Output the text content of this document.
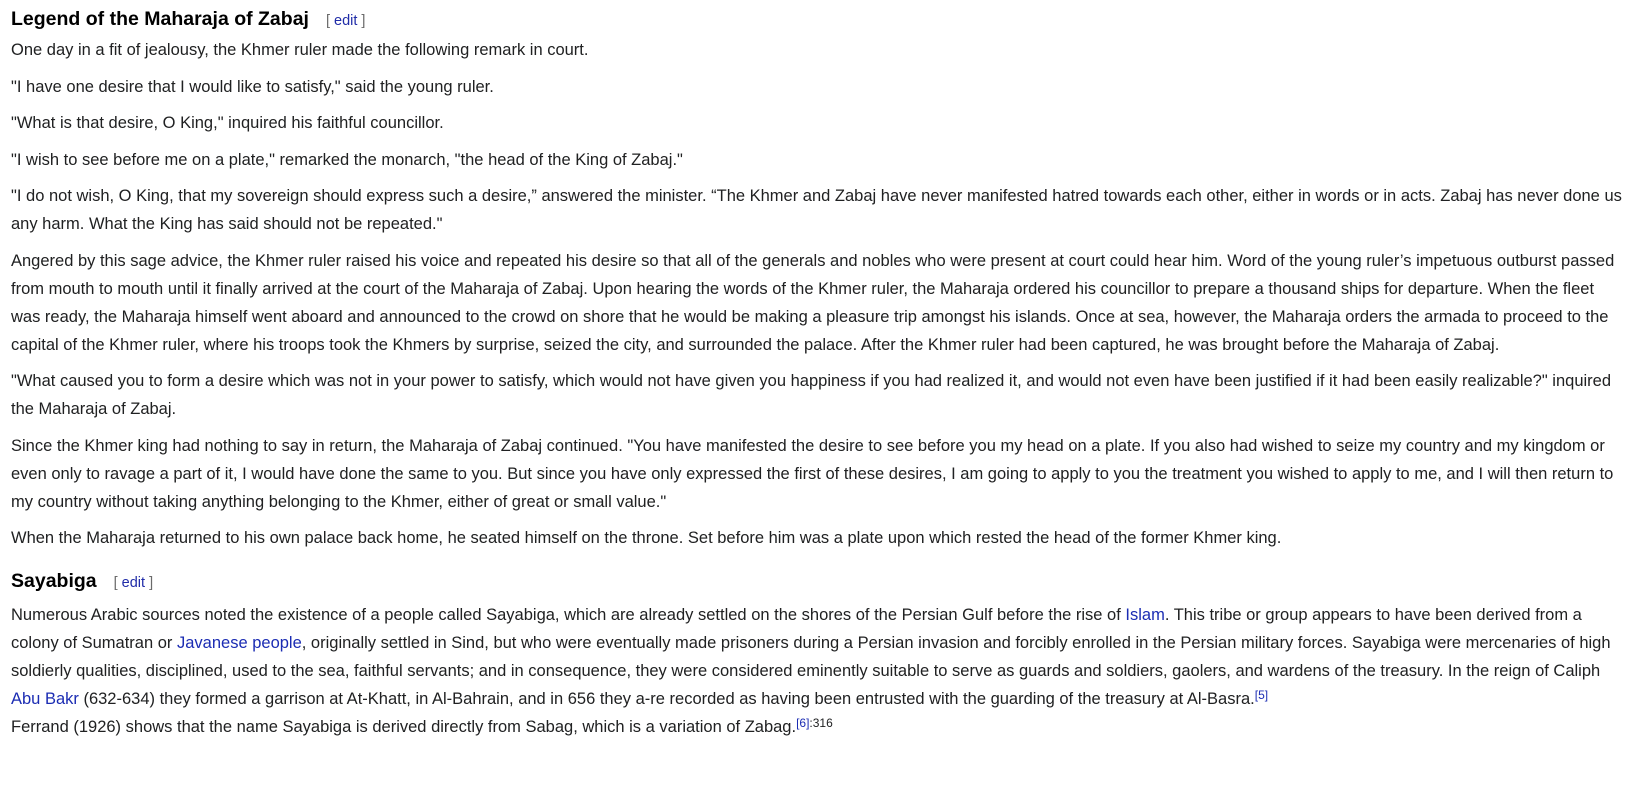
Legend of the Maharaja of Zabaj [ edit ]

One day in a fit of jealousy, the Khmer ruler made the following remark in court.

"I have one desire that I would like to satisfy," said the young ruler.

"What is that desire, O King," inquired his faithful councillor.

"I wish to see before me on a plate," remarked the monarch, "the head of the King of Zabaj."

"I do not wish, O King, that my sovereign should express such a desire,” answered the minister. “The Khmer and Zabaj have never manifested hatred towards each other, either in words or in acts. Zabaj has never done us any harm. What the King has said should not be repeated."

Angered by this sage advice, the Khmer ruler raised his voice and repeated his desire so that all of the generals and nobles who were present at court could hear him. Word of the young ruler’s impetuous outburst passed from mouth to mouth until it finally arrived at the court of the Maharaja of Zabaj. Upon hearing the words of the Khmer ruler, the Maharaja ordered his councillor to prepare a thousand ships for departure. When the fleet was ready, the Maharaja himself went aboard and announced to the crowd on shore that he would be making a pleasure trip amongst his islands. Once at sea, however, the Maharaja orders the armada to proceed to the capital of the Khmer ruler, where his troops took the Khmers by surprise, seized the city, and surrounded the palace. After the Khmer ruler had been captured, he was brought before the Maharaja of Zabaj.

"What caused you to form a desire which was not in your power to satisfy, which would not have given you happiness if you had realized it, and would not even have been justified if it had been easily realizable?" inquired the Maharaja of Zabaj.

Since the Khmer king had nothing to say in return, the Maharaja of Zabaj continued. "You have manifested the desire to see before you my head on a plate. If you also had wished to seize my country and my kingdom or even only to ravage a part of it, I would have done the same to you. But since you have only expressed the first of these desires, I am going to apply to you the treatment you wished to apply to me, and I will then return to my country without taking anything belonging to the Khmer, either of great or small value."

When the Maharaja returned to his own palace back home, he seated himself on the throne. Set before him was a plate upon which rested the head of the former Khmer king.

Sayabiga [ edit ]

Numerous Arabic sources noted the existence of a people called Sayabiga, which are already settled on the shores of the Persian Gulf before the rise of Islam. This tribe or group appears to have been derived from a colony of Sumatran or Javanese people, originally settled in Sind, but who were eventually made prisoners during a Persian invasion and forcibly enrolled in the Persian military forces. Sayabiga were mercenaries of high soldierly qualities, disciplined, used to the sea, faithful servants; and in consequence, they were considered eminently suitable to serve as guards and soldiers, gaolers, and wardens of the treasury. In the reign of Caliph Abu Bakr (632-634) they formed a garrison at At-Khatt, in Al-Bahrain, and in 656 they a-re recorded as having been entrusted with the guarding of the treasury at Al-Basra.[5]
Ferrand (1926) shows that the name Sayabiga is derived directly from Sabag, which is a variation of Zabag.$^{[6]:316}$
